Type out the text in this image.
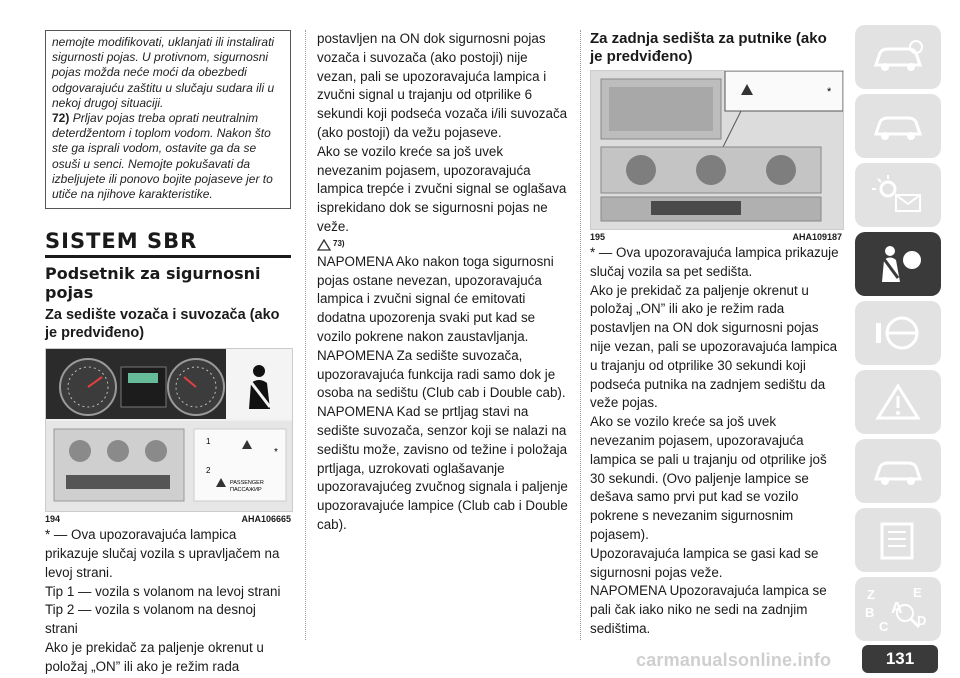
nemojte modifikovati, uklanjati ili instalirati sigurnosti pojas. U protivnom, sigurnosni pojas možda neće moći da obezbedi odgovarajuću zaštitu u slučaju sudara ili u nekoj drugoj situaciji.

72) Prljav pojas treba oprati neutralnim deterdžentom i toplom vodom. Nakon što ste ga isprali vodom, ostavite ga da se osuši u senci. Nemojte pokušavati da izbeljujete ili ponovo bojite pojaseve jer to utiče na njihove karakteristike.

SISTEM SBR
Podsetnik za sigurnosni pojas
Za sedište vozača i suvozača (ako je predviđeno)
1
2
*
PASSENGER
ПАССАЖИР
194	AHA106665

* — Ova upozoravajuća lampica prikazuje slučaj vozila s upravljačem na levoj strani.

Tip 1 — vozila s volanom na levoj strani

Tip 2 — vozila s volanom na desnoj strani

Ako je prekidač za paljenje okrenut u položaj „ON” ili ako je režim rada

postavljen na ON dok sigurnosni pojas vozača i suvozača (ako postoji) nije vezan, pali se upozoravajuća lampica i zvučni signal u trajanju od otprilike 6 sekundi koji podseća vozača i/ili suvozača (ako postoji) da vežu pojaseve.

Ako se vozilo kreće sa još uvek nevezanim pojasem, upozoravajuća lampica trepće i zvučni signal se oglašava isprekidano dok se sigurnosni pojas ne veže.

73)

NAPOMENA Ako nakon toga sigurnosni pojas ostane nevezan, upozoravajuća lampica i zvučni signal će emitovati dodatna upozorenja svaki put kad se vozilo pokrene nakon zaustavljanja.

NAPOMENA Za sedište suvozača, upozoravajuća funkcija radi samo dok je osoba na sedištu (Club cab i Double cab).

NAPOMENA Kad se prtljag stavi na sedište suvozača, senzor koji se nalazi na sedištu može, zavisno od težine i položaja prtljaga, uzrokovati oglašavanje upozoravajućeg zvučnog signala i paljenje upozoravajuće lampice (Club cab i Double cab).

Za zadnja sedišta za putnike (ako je predviđeno)
*
195	AHA109187

* — Ova upozoravajuća lampica prikazuje slučaj vozila sa pet sedišta.

Ako je prekidač za paljenje okrenut u položaj „ON” ili ako je režim rada postavljen na ON dok sigurnosni pojas nije vezan, pali se upozoravajuća lampica u trajanju od otprilike 30 sekundi koji podseća putnika na zadnjem sedištu da veže pojas.

Ako se vozilo kreće sa još uvek nevezanim pojasem, upozoravajuća lampica se pali u trajanju od otprilike još 30 sekundi. (Ovo paljenje lampice se dešava samo prvi put kad se vozilo pokrene s nevezanim sigurnosnim pojasem).

Upozoravajuća lampica se gasi kad se sigurnosni pojas veže.

NAPOMENA Upozoravajuća lampica se pali čak iako niko ne sedi na zadnjim sedištima.

Z	E
B
C D
A
carmanualsonline.info	131
